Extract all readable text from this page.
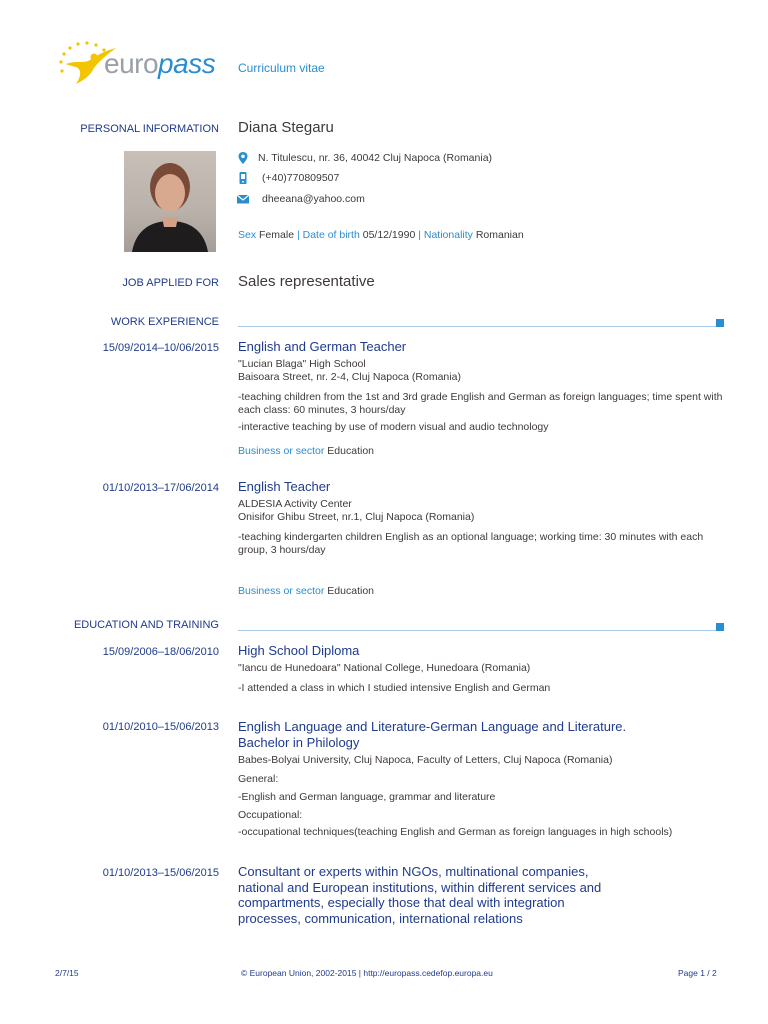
europass Curriculum vitae
PERSONAL INFORMATION Diana Stegaru
N. Titulescu, nr. 36, 40042 Cluj Napoca (Romania)
(+40)770809507
dheeana@yahoo.com
Sex Female | Date of birth 05/12/1990 | Nationality Romanian
JOB APPLIED FOR Sales representative
WORK EXPERIENCE
15/09/2014–10/06/2015 English and German Teacher
"Lucian Blaga" High School
Baisoara Street, nr. 2-4, Cluj Napoca (Romania)
-teaching children from the 1st and 3rd grade English and German as foreign languages; time spent with each class: 60 minutes, 3 hours/day
-interactive teaching by use of modern visual and audio technology
Business or sector Education
01/10/2013–17/06/2014 English Teacher
ALDESIA Activity Center
Onisifor Ghibu Street, nr.1, Cluj Napoca (Romania)
-teaching kindergarten children English as an optional language; working time: 30 minutes with each group, 3 hours/day
Business or sector Education
EDUCATION AND TRAINING
15/09/2006–18/06/2010 High School Diploma
"Iancu de Hunedoara" National College, Hunedoara (Romania)
-I attended a class in which I studied intensive English and German
01/10/2010–15/06/2013 English Language and Literature-German Language and Literature.
Bachelor in Philology
Babes-Bolyai University, Cluj Napoca, Faculty of Letters, Cluj Napoca (Romania)
General:
-English and German language, grammar and literature
Occupational:
-occupational techniques(teaching English and German as foreign languages in high schools)
01/10/2013–15/06/2015 Consultant or experts within NGOs, multinational companies,
national and European institutions, within different services and
compartments, especially those that deal with integration
processes, communication, international relations
2/7/15	© European Union, 2002-2015 | http://europass.cedefop.europa.eu	Page 1 / 2
